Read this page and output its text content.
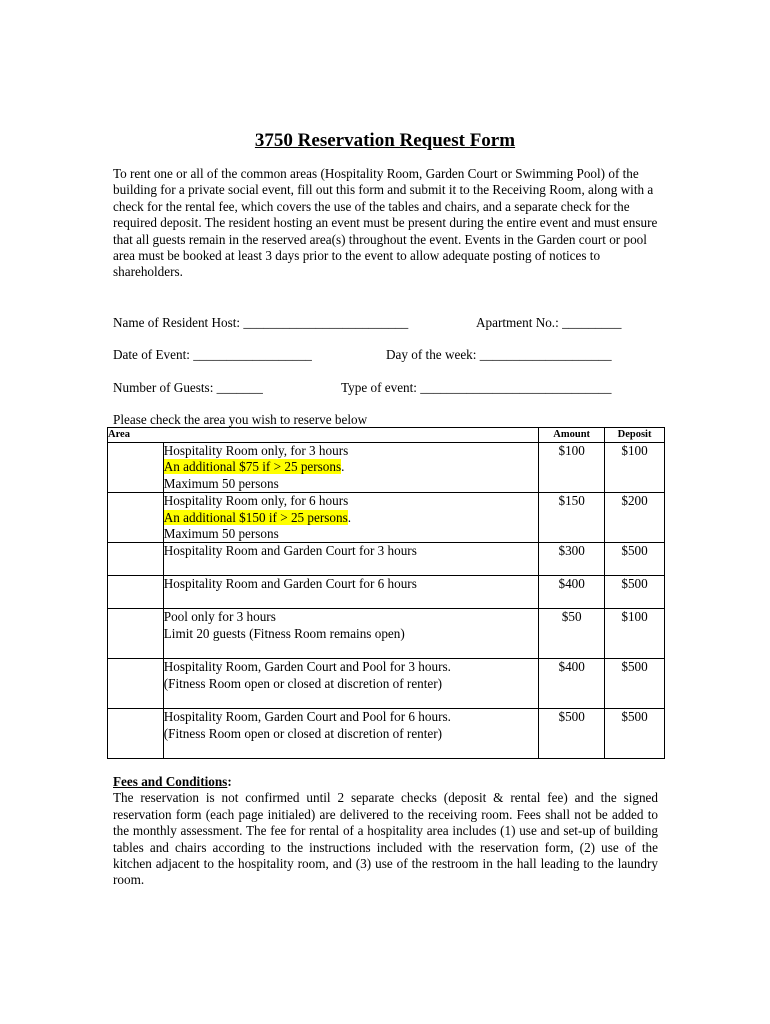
3750 Reservation Request Form
To rent one or all of the common areas (Hospitality Room, Garden Court or Swimming Pool) of the building for a private social event, fill out this form and submit it to the Receiving Room, along with a check for the rental fee, which covers the use of the tables and chairs, and a separate check for the required deposit. The resident hosting an event must be present during the entire event and must ensure that all guests remain in the reserved area(s) throughout the event. Events in the Garden court or pool area must be booked at least 3 days prior to the event to allow adequate posting of notices to shareholders.
Name of Resident Host: _________________________	Apartment No.: _________
Date of Event: __________________	Day of the week: ____________________
Number of Guests: _______	Type of event: _____________________________
Please check the area you wish to reserve below
Area		Amount	Deposit

	Hospitality Room only, for 3 hours
An additional $75 if > 25 persons.
Maximum 50 persons	$100	$100

	Hospitality Room only, for 6 hours
An additional $150 if > 25 persons.
Maximum 50 persons	$150	$200

	Hospitality Room and Garden Court for 3 hours	$300	$500

	Hospitality Room and Garden Court for 6 hours	$400	$500

	Pool only for 3 hours
Limit 20 guests (Fitness Room remains open)	$50	$100

	Hospitality Room, Garden Court and Pool for 3 hours.
(Fitness Room open or closed at discretion of renter)	$400	$500

	Hospitality Room, Garden Court and Pool for 6 hours.
(Fitness Room open or closed at discretion of renter)	$500	$500
Fees and Conditions:
The reservation is not confirmed until 2 separate checks (deposit & rental fee) and the signed reservation form (each page initialed) are delivered to the receiving room. Fees shall not be added to the monthly assessment. The fee for rental of a hospitality area includes (1) use and set-up of building tables and chairs according to the instructions included with the reservation form, (2) use of the kitchen adjacent to the hospitality room, and (3) use of the restroom in the hall leading to the laundry room.
